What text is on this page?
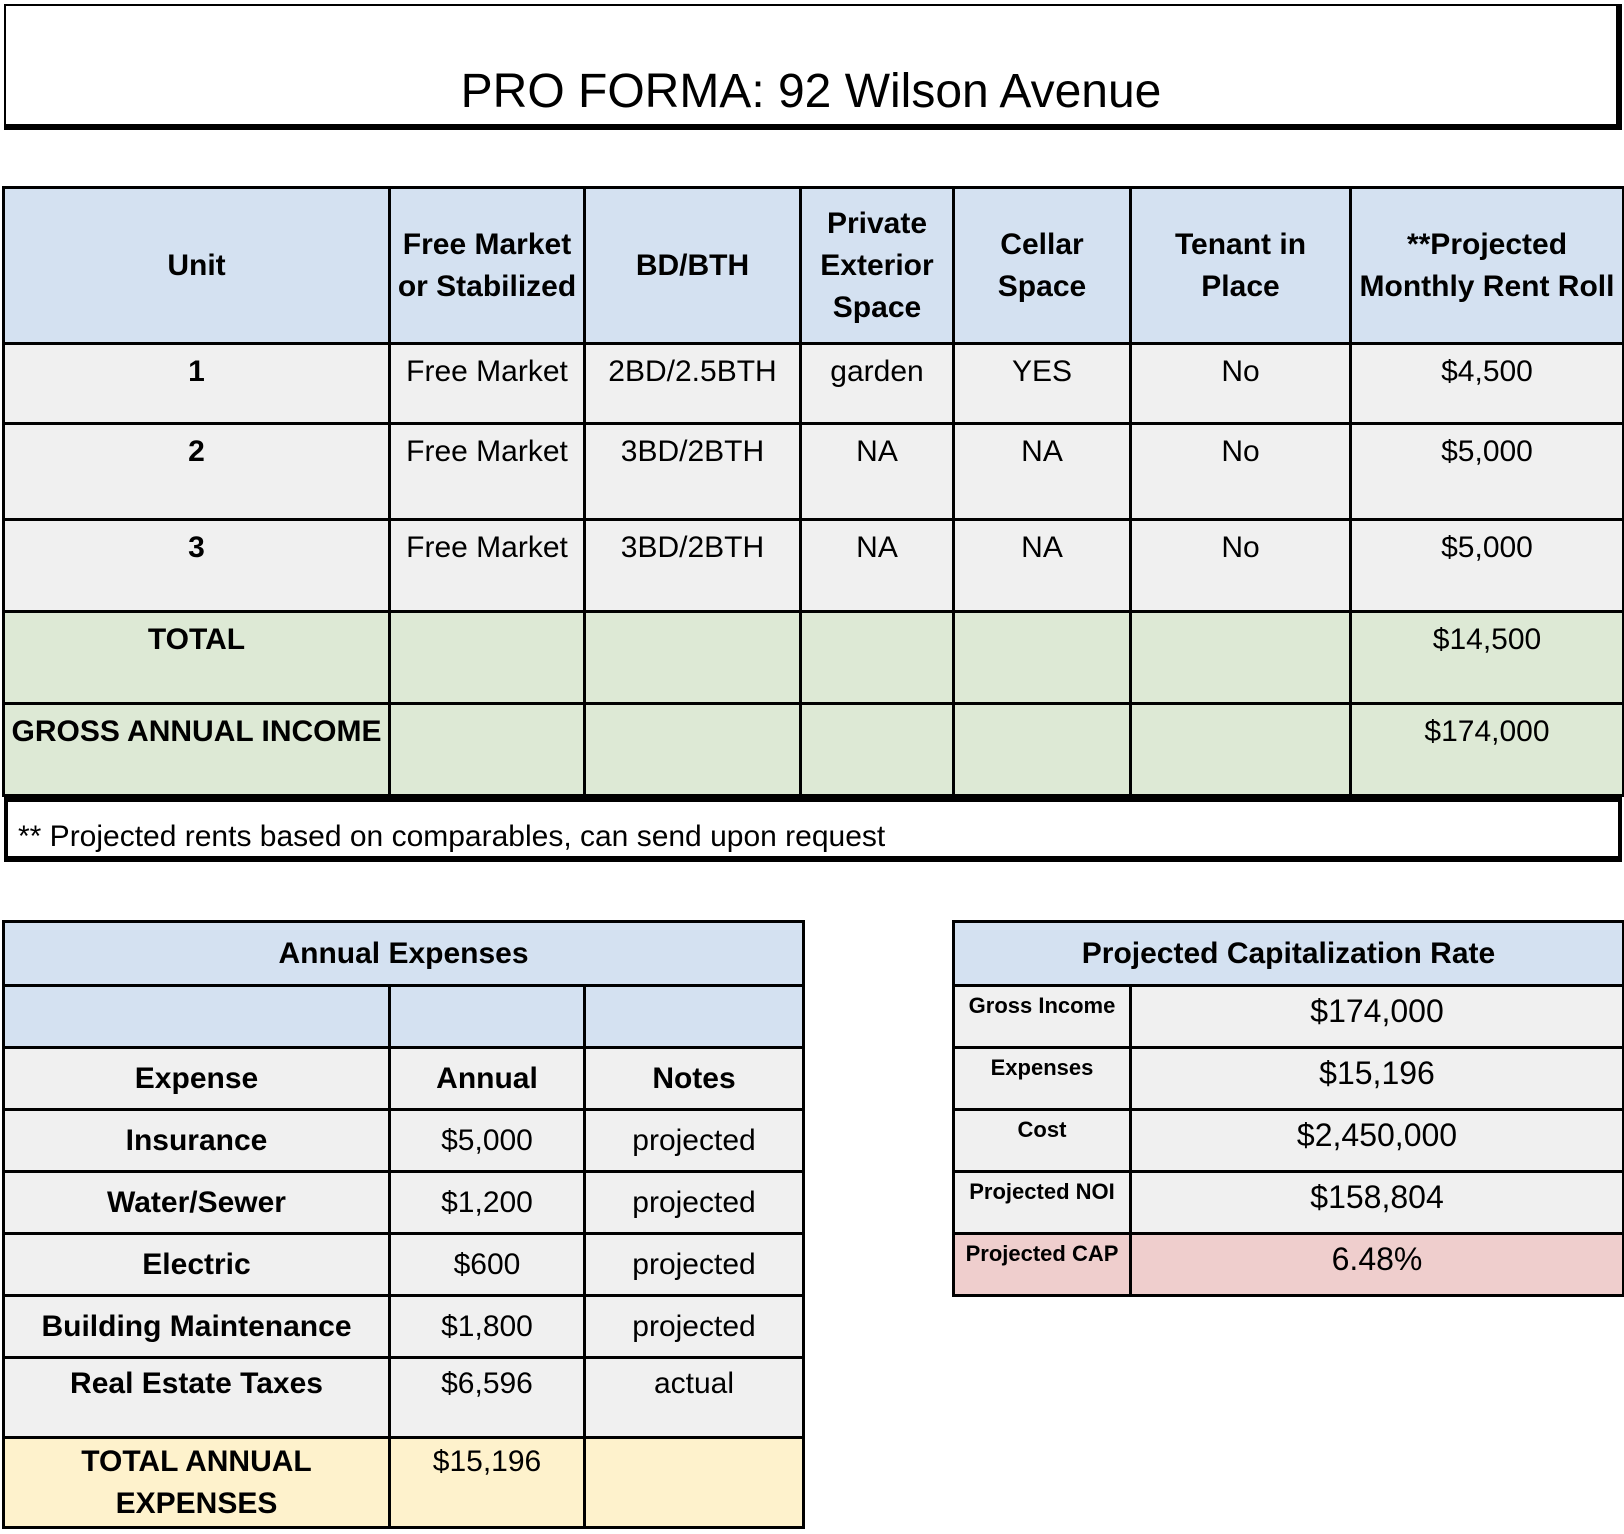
PRO FORMA: 92 Wilson Avenue
Unit	Free Market or Stabilized	BD/BTH	Private Exterior Space	Cellar Space	Tenant in Place	**Projected Monthly Rent Roll
1	Free Market	2BD/2.5BTH	garden	YES	No	$4,500
2	Free Market	3BD/2BTH	NA	NA	No	$5,000
3	Free Market	3BD/2BTH	NA	NA	No	$5,000
TOTAL						$14,500
GROSS ANNUAL INCOME						$174,000
** Projected rents based on comparables, can send upon request
Annual Expenses		

Expense	Annual	Notes
Insurance	$5,000	projected
Water/Sewer	$1,200	projected
Electric	$600	projected
Building Maintenance	$1,800	projected
Real Estate Taxes	$6,596	actual
TOTAL ANNUAL EXPENSES	$15,196	
Projected Capitalization Rate	
Gross Income	$174,000
Expenses	$15,196
Cost	$2,450,000
Projected NOI	$158,804
Projected CAP	6.48%
